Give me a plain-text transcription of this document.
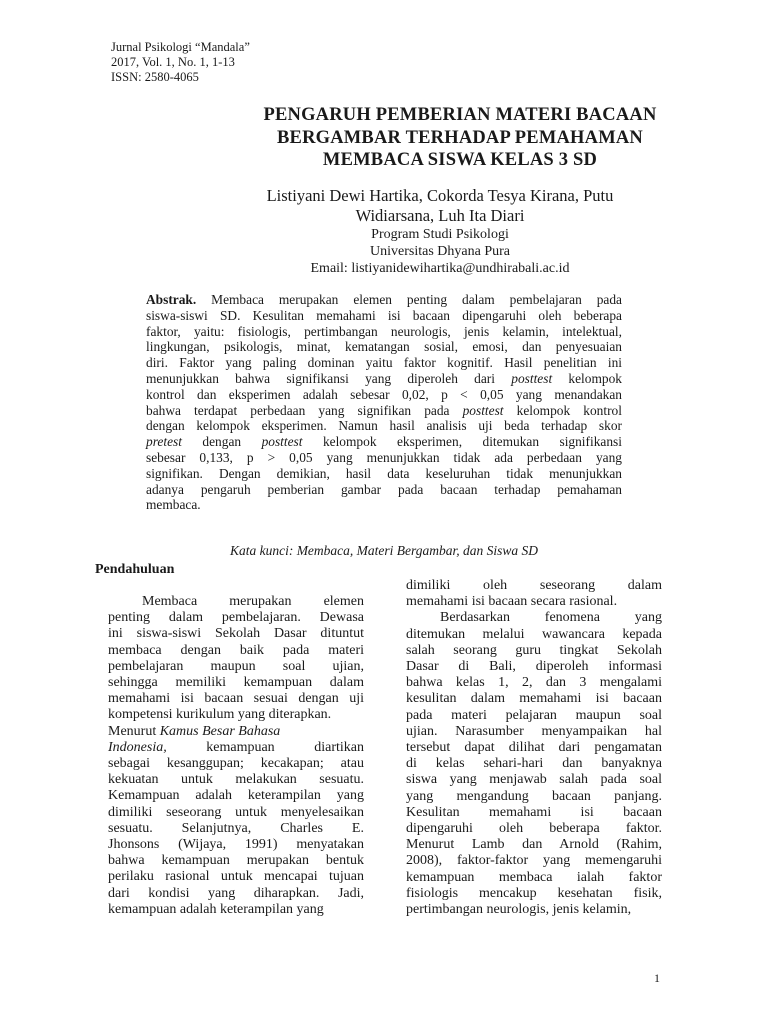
Jurnal Psikologi “Mandala”
2017, Vol. 1, No. 1, 1-13
ISSN: 2580-4065
PENGARUH PEMBERIAN MATERI BACAAN
BERGAMBAR TERHADAP PEMAHAMAN
MEMBACA SISWA KELAS 3 SD
Listiyani Dewi Hartika, Cokorda Tesya Kirana, Putu
Widiarsana, Luh Ita Diari
Program Studi Psikologi
Universitas Dhyana Pura
Email: listiyanidewihartika@undhirabali.ac.id
Abstrak. Membaca merupakan elemen penting dalam pembelajaran pada
siswa-siswi SD. Kesulitan memahami isi bacaan dipengaruhi oleh beberapa
faktor, yaitu: fisiologis, pertimbangan neurologis, jenis kelamin, intelektual,
lingkungan, psikologis, minat, kematangan sosial, emosi, dan penyesuaian
diri. Faktor yang paling dominan yaitu faktor kognitif. Hasil penelitian ini
menunjukkan bahwa signifikansi yang diperoleh dari posttest kelompok
kontrol dan eksperimen adalah sebesar 0,02, p < 0,05 yang menandakan
bahwa terdapat perbedaan yang signifikan pada posttest kelompok kontrol
dengan kelompok eksperimen. Namun hasil analisis uji beda terhadap skor
pretest dengan posttest kelompok eksperimen, ditemukan signifikansi
sebesar 0,133, p > 0,05 yang menunjukkan tidak ada perbedaan yang
signifikan. Dengan demikian, hasil data keseluruhan tidak menunjukkan
adanya pengaruh pemberian gambar pada bacaan terhadap pemahaman
membaca.
Kata kunci: Membaca, Materi Bergambar, dan Siswa SD
Pendahuluan
Membaca merupakan elemen
penting dalam pembelajaran. Dewasa
ini siswa-siswi Sekolah Dasar dituntut
membaca dengan baik pada materi
pembelajaran maupun soal ujian,
sehingga memiliki kemampuan dalam
memahami isi bacaan sesuai dengan uji
kompetensi kurikulum yang diterapkan.
Menurut Kamus Besar Bahasa
Indonesia,	kemampuan diartikan
sebagai kesanggupan; kecakapan; atau
kekuatan untuk melakukan sesuatu.
Kemampuan adalah keterampilan yang
dimiliki seseorang untuk menyelesaikan
sesuatu. Selanjutnya, Charles E.
Jhonsons (Wijaya, 1991) menyatakan
bahwa kemampuan merupakan bentuk
perilaku rasional untuk mencapai tujuan
dari kondisi yang diharapkan. Jadi,
kemampuan adalah keterampilan yang
dimiliki oleh seseorang dalam
memahami isi bacaan secara rasional.
Berdasarkan fenomena yang
ditemukan melalui wawancara kepada
salah seorang guru tingkat Sekolah
Dasar di Bali, diperoleh informasi
bahwa kelas 1, 2, dan 3 mengalami
kesulitan dalam memahami isi bacaan
pada materi pelajaran maupun soal
ujian. Narasumber menyampaikan hal
tersebut dapat dilihat dari pengamatan
di kelas sehari-hari dan banyaknya
siswa yang menjawab salah pada soal
yang mengandung bacaan panjang.
Kesulitan memahami isi bacaan
dipengaruhi oleh beberapa faktor.
Menurut Lamb dan Arnold (Rahim,
2008), faktor-faktor yang memengaruhi
kemampuan membaca ialah faktor
fisiologis mencakup kesehatan fisik,
pertimbangan neurologis, jenis kelamin,
1
